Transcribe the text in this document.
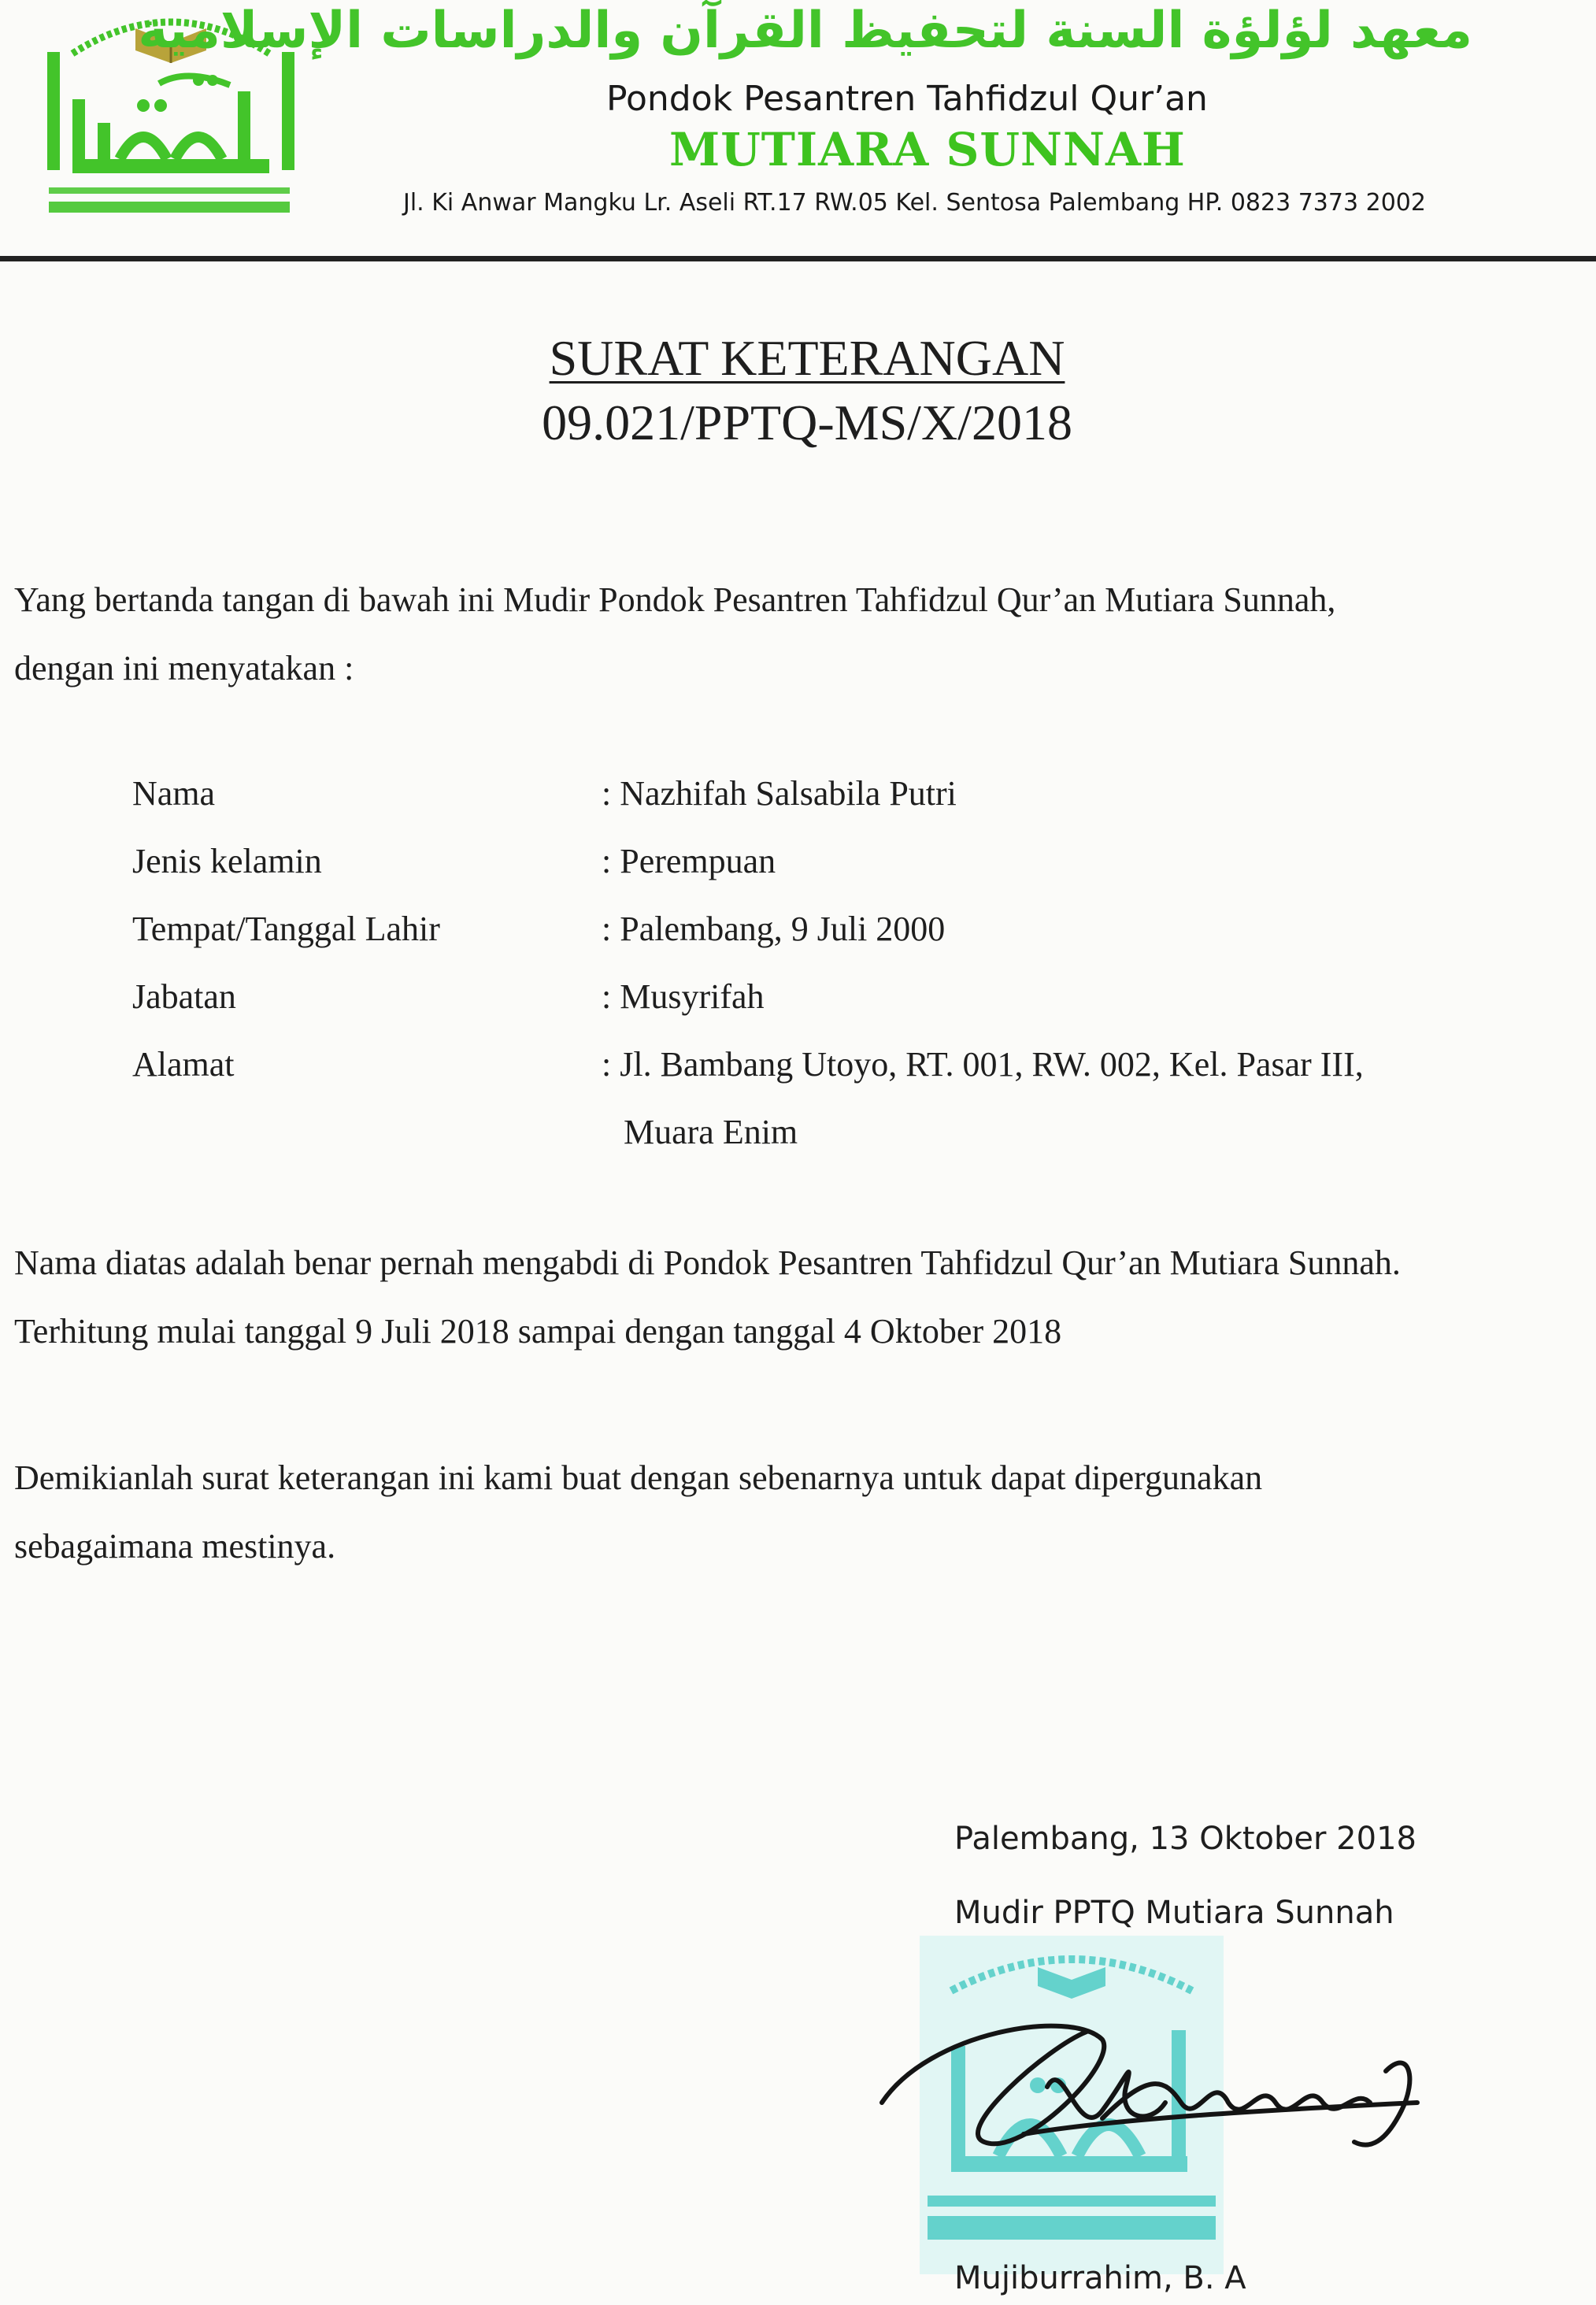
معهد لؤلؤة السنة لتحفيظ القرآن والدراسات الإسلامية
Pondok Pesantren Tahfidzul Qur’an
MUTIARA SUNNAH
Jl. Ki Anwar Mangku Lr. Aseli RT.17 RW.05 Kel. Sentosa Palembang HP. 0823 7373 2002
SURAT KETERANGAN
09.021/PPTQ-MS/X/2018
Yang bertanda tangan di bawah ini Mudir Pondok Pesantren Tahfidzul Qur’an Mutiara Sunnah,
dengan ini menyatakan :
Nama	: Nazhifah Salsabila Putri
Jenis kelamin	: Perempuan
Tempat/Tanggal Lahir	: Palembang, 9 Juli 2000
Jabatan	: Musyrifah
Alamat	: Jl. Bambang Utoyo, RT. 001, RW. 002, Kel. Pasar III,
Muara Enim
Nama diatas adalah benar pernah mengabdi di Pondok Pesantren Tahfidzul Qur’an Mutiara Sunnah.
Terhitung mulai tanggal 9 Juli 2018 sampai dengan tanggal 4 Oktober 2018
Demikianlah surat keterangan ini kami buat dengan sebenarnya untuk dapat dipergunakan
sebagaimana mestinya.
Palembang, 13 Oktober 2018
Mudir PPTQ Mutiara Sunnah
Mujiburrahim, B. A
